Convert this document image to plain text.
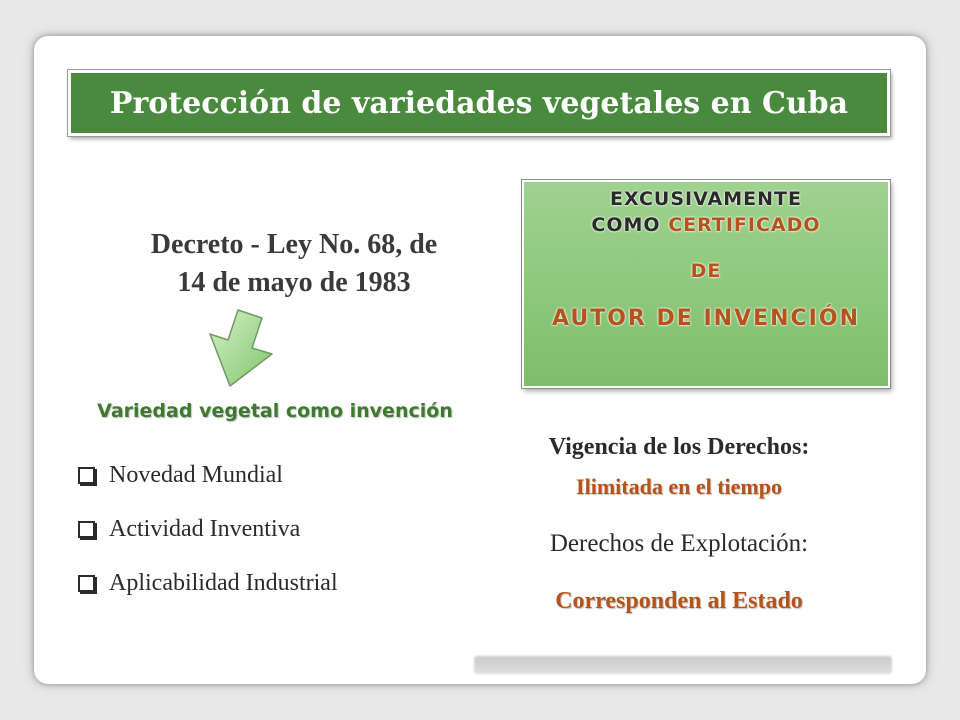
Protección de variedades vegetales en Cuba
Decreto - Ley No. 68, de
14 de mayo de 1983
Variedad vegetal como invención
Novedad Mundial
Actividad Inventiva
Aplicabilidad Industrial
EXCUSIVAMENTE
COMO CERTIFICADO
DE
AUTOR DE INVENCIÓN
Vigencia de los Derechos:
Ilimitada en el tiempo
Derechos de Explotación:
Corresponden al Estado
